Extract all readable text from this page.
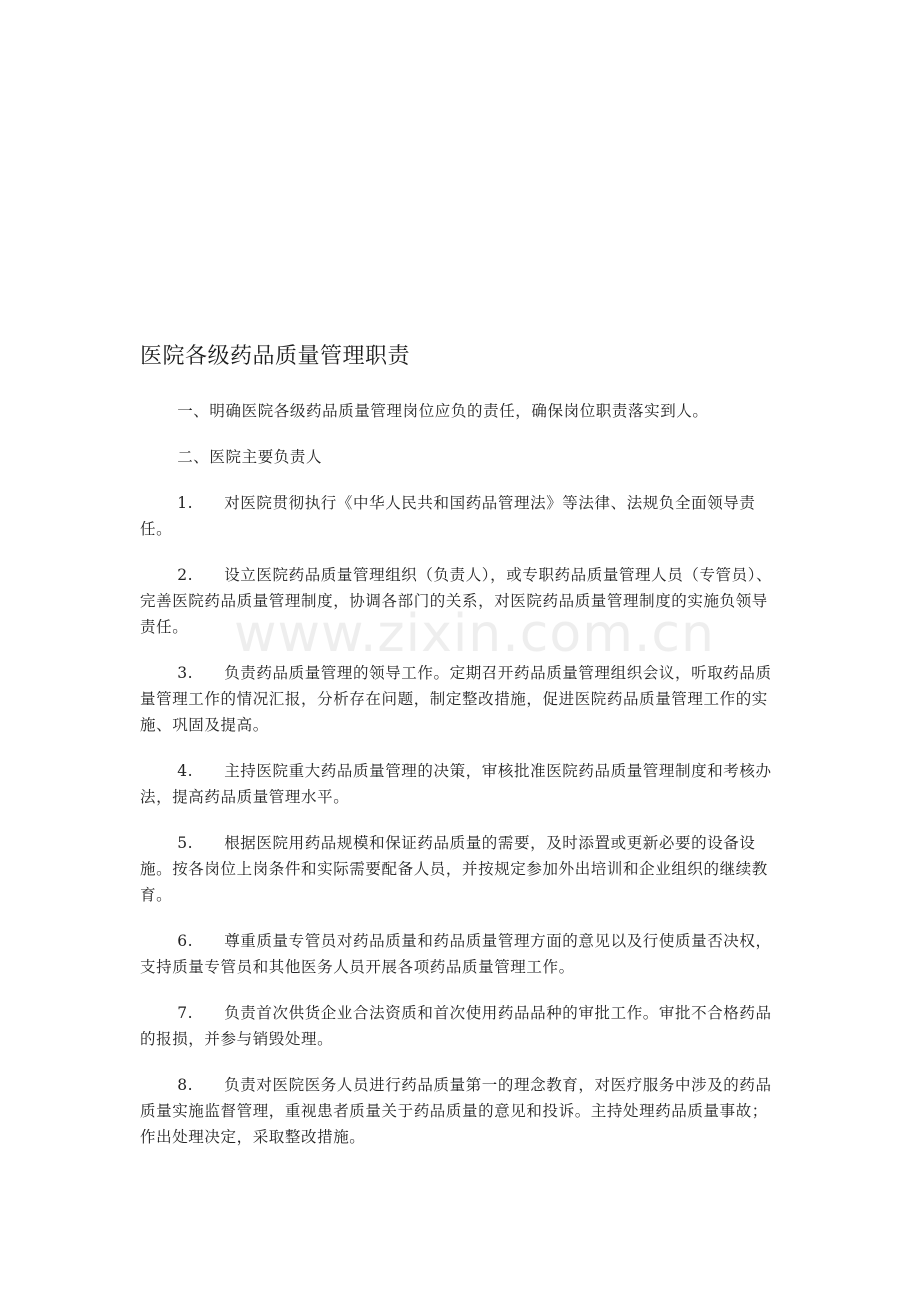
www.zixin.com.cn
医院各级药品质量管理职责

一、明确医院各级药品质量管理岗位应负的责任，确保岗位职责落实到人。

二、医院主要负责人

1. 对医院贯彻执行《中华人民共和国药品管理法》等法律、法规负全面领导责任。

2. 设立医院药品质量管理组织（负责人），或专职药品质量管理人员（专管员）、完善医院药品质量管理制度，协调各部门的关系，对医院药品质量管理制度的实施负领导责任。

3. 负责药品质量管理的领导工作。定期召开药品质量管理组织会议，听取药品质量管理工作的情况汇报，分析存在问题，制定整改措施，促进医院药品质量管理工作的实施、巩固及提高。

4. 主持医院重大药品质量管理的决策，审核批准医院药品质量管理制度和考核办法，提高药品质量管理水平。

5. 根据医院用药品规模和保证药品质量的需要，及时添置或更新必要的设备设施。按各岗位上岗条件和实际需要配备人员，并按规定参加外出培训和企业组织的继续教育。

6. 尊重质量专管员对药品质量和药品质量管理方面的意见以及行使质量否决权，支持质量专管员和其他医务人员开展各项药品质量管理工作。

7. 负责首次供货企业合法资质和首次使用药品品种的审批工作。审批不合格药品的报损，并参与销毁处理。

8. 负责对医院医务人员进行药品质量第一的理念教育，对医疗服务中涉及的药品质量实施监督管理，重视患者质量关于药品质量的意见和投诉。主持处理药品质量事故；作出处理决定，采取整改措施。
